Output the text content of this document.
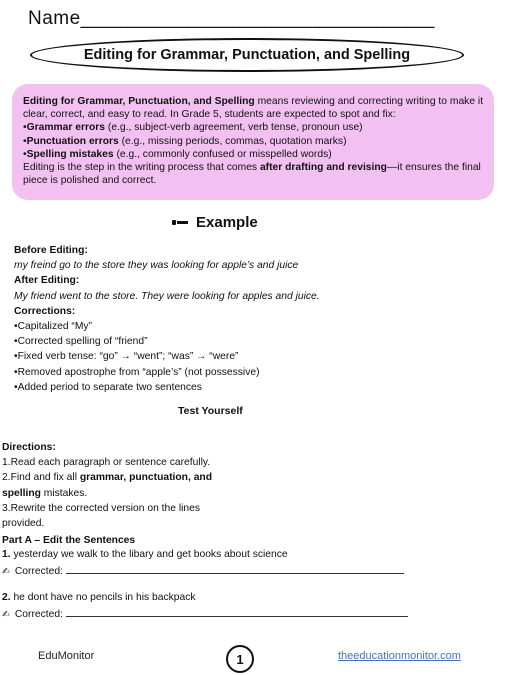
Name________________________________
Editing for Grammar, Punctuation, and Spelling

Editing for Grammar, Punctuation, and Spelling means reviewing and correcting writing to make it clear, correct, and easy to read. In Grade 5, students are expected to spot and fix:

•Grammar errors (e.g., subject-verb agreement, verb tense, pronoun use)

•Punctuation errors (e.g., missing periods, commas, quotation marks)

•Spelling mistakes (e.g., commonly confused or misspelled words)

Editing is the step in the writing process that comes after drafting and revising—it ensures the final piece is polished and correct.

Example
Before Editing:
my freind go to the store they was looking for apple’s and juice
After Editing:
My friend went to the store. They were looking for apples and juice.
Corrections:
•Capitalized “My”
•Corrected spelling of “friend”
•Fixed verb tense: “go” → “went”; “was” → “were”
•Removed apostrophe from “apple’s” (not possessive)
•Added period to separate two sentences
Test Yourself
Directions:
1.Read each paragraph or sentence carefully.
2.Find and fix all grammar, punctuation, and spelling mistakes.
3.Rewrite the corrected version on the lines provided.
Part A – Edit the Sentences
1. yesterday we walk to the libary and get books about science
✍ Corrected:
2. he dont have no pencils in his backpack
✍ Corrected:
EduMonitor	1	theeducationmonitor.com
